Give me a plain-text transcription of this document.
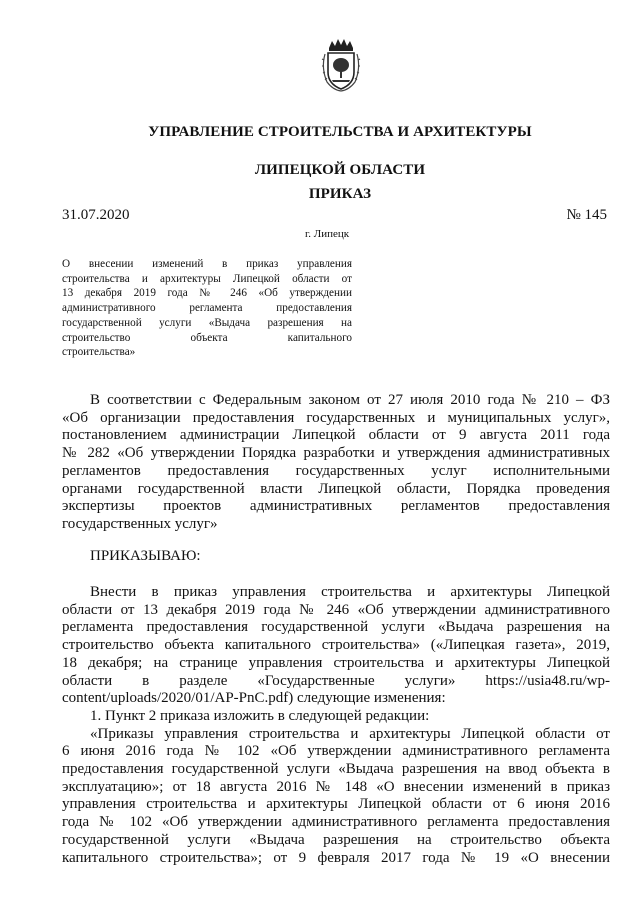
УПРАВЛЕНИЕ СТРОИТЕЛЬСТВА И АРХИТЕКТУРЫ
ЛИПЕЦКОЙ ОБЛАСТИ
ПРИКАЗ
31.07.2020	№ 145
г. Липецк
О внесении изменений в приказ управления
строительства и архитектуры Липецкой области от
13 декабря 2019 года № 246 «Об утверждении
административного регламента предоставления
государственной услуги «Выдача разрешения на
строительство объекта капитального
строительства»
В соответствии с Федеральным законом от 27 июля 2010 года № 210 – ФЗ
«Об организации предоставления государственных и муниципальных услуг»,
постановлением администрации Липецкой области от 9 августа 2011 года
№ 282 «Об утверждении Порядка разработки и утверждения административных
регламентов предоставления государственных услуг исполнительными
органами государственной власти Липецкой области, Порядка проведения
экспертизы проектов административных регламентов предоставления
государственных услуг»
ПРИКАЗЫВАЮ:
Внести в приказ управления строительства и архитектуры Липецкой
области от 13 декабря 2019 года № 246 «Об утверждении административного
регламента предоставления государственной услуги «Выдача разрешения на
строительство объекта капитального строительства» («Липецкая газета», 2019,
18 декабря; на странице управления строительства и архитектуры Липецкой
области в разделе «Государственные услуги» https://usia48.ru/wp-
content/uploads/2020/01/AP-PnC.pdf) следующие изменения:
1. Пункт 2 приказа изложить в следующей редакции:
«Приказы управления строительства и архитектуры Липецкой области от
6 июня 2016 года № 102 «Об утверждении административного регламента
предоставления государственной услуги «Выдача разрешения на ввод объекта в
эксплуатацию»; от 18 августа 2016 № 148 «О внесении изменений в приказ
управления строительства и архитектуры Липецкой области от 6 июня 2016
года № 102 «Об утверждении административного регламента предоставления
государственной услуги «Выдача разрешения на строительство объекта
капитального строительства»; от 9 февраля 2017 года № 19 «О внесении
